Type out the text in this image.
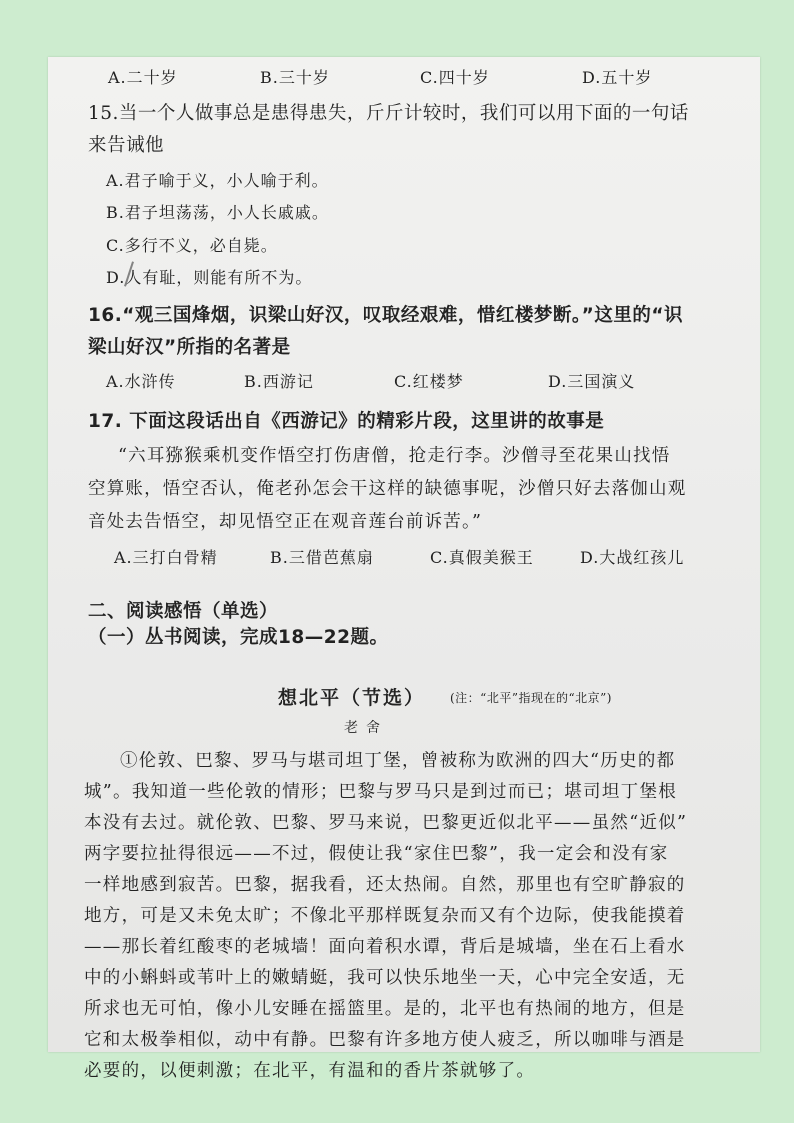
A.二十岁	B.三十岁	C.四十岁	D.五十岁
15.当一个人做事总是患得患失，斤斤计较时，我们可以用下面的一句话
来告诫他
A.君子喻于义，小人喻于利。
B.君子坦荡荡，小人长戚戚。
C.多行不义，必自毙。
D.人有耻，则能有所不为。
16.“观三国烽烟，识梁山好汉，叹取经艰难，惜红楼梦断。”这里的“识
梁山好汉”所指的名著是
A.水浒传	B.西游记	C.红楼梦	D.三国演义
17. 下面这段话出自《西游记》的精彩片段，这里讲的故事是
“六耳猕猴乘机变作悟空打伤唐僧，抢走行李。沙僧寻至花果山找悟
空算账，悟空否认，俺老孙怎会干这样的缺德事呢，沙僧只好去落伽山观
音处去告悟空，却见悟空正在观音莲台前诉苦。”
A.三打白骨精	B.三借芭蕉扇	C.真假美猴王	D.大战红孩儿
二、阅读感悟（单选）
（一）丛书阅读，完成18—22题。
想北平（节选） (注：“北平”指现在的“北京”)
老舍
①伦敦、巴黎、罗马与堪司坦丁堡，曾被称为欧洲的四大“历史的都
城”。我知道一些伦敦的情形；巴黎与罗马只是到过而已；堪司坦丁堡根
本没有去过。就伦敦、巴黎、罗马来说，巴黎更近似北平——虽然“近似”
两字要拉扯得很远——不过，假使让我“家住巴黎”，我一定会和没有家
一样地感到寂苦。巴黎，据我看，还太热闹。自然，那里也有空旷静寂的
地方，可是又未免太旷；不像北平那样既复杂而又有个边际，使我能摸着
——那长着红酸枣的老城墙！面向着积水谭，背后是城墙，坐在石上看水
中的小蝌蚪或苇叶上的嫩蜻蜓，我可以快乐地坐一天，心中完全安适，无
所求也无可怕，像小儿安睡在摇篮里。是的，北平也有热闹的地方，但是
它和太极拳相似，动中有静。巴黎有许多地方使人疲乏，所以咖啡与酒是
必要的，以便刺激；在北平，有温和的香片茶就够了。
